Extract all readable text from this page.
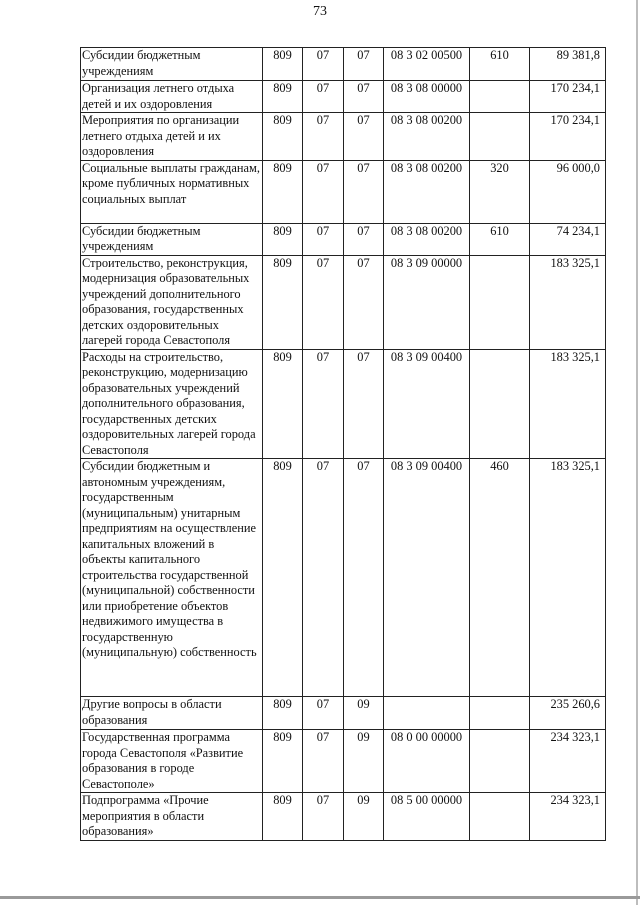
73
Субсидии бюджетным учреждениям	809	07	07	08 3 02 00500	610	89 381,8
Организация летнего отдыха детей и их оздоровления	809	07	07	08 3 08 00000		170 234,1
Мероприятия по организации летнего отдыха детей и их оздоровления	809	07	07	08 3 08 00200		170 234,1
Социальные выплаты гражданам, кроме публичных нормативных социальных выплат	809	07	07	08 3 08 00200	320	96 000,0
Субсидии бюджетным учреждениям	809	07	07	08 3 08 00200	610	74 234,1
Строительство, реконструкция, модернизация образовательных учреждений дополнительного образования, государственных детских оздоровительных лагерей города Севастополя	809	07	07	08 3 09 00000		183 325,1
Расходы на строительство, реконструкцию, модернизацию образовательных учреждений дополнительного образования, государственных детских оздоровительных лагерей города Севастополя	809	07	07	08 3 09 00400		183 325,1
Субсидии бюджетным и автономным учреждениям, государственным (муниципальным) унитарным предприятиям на осуществление капитальных вложений в объекты капитального строительства государственной (муниципальной) собственности или приобретение объектов недвижимого имущества в государственную (муниципальную) собственность	809	07	07	08 3 09 00400	460	183 325,1
Другие вопросы в области образования	809	07	09			235 260,6
Государственная программа города Севастополя «Развитие образования в городе Севастополе»	809	07	09	08 0 00 00000		234 323,1
Подпрограмма «Прочие мероприятия в области образования»	809	07	09	08 5 00 00000		234 323,1
